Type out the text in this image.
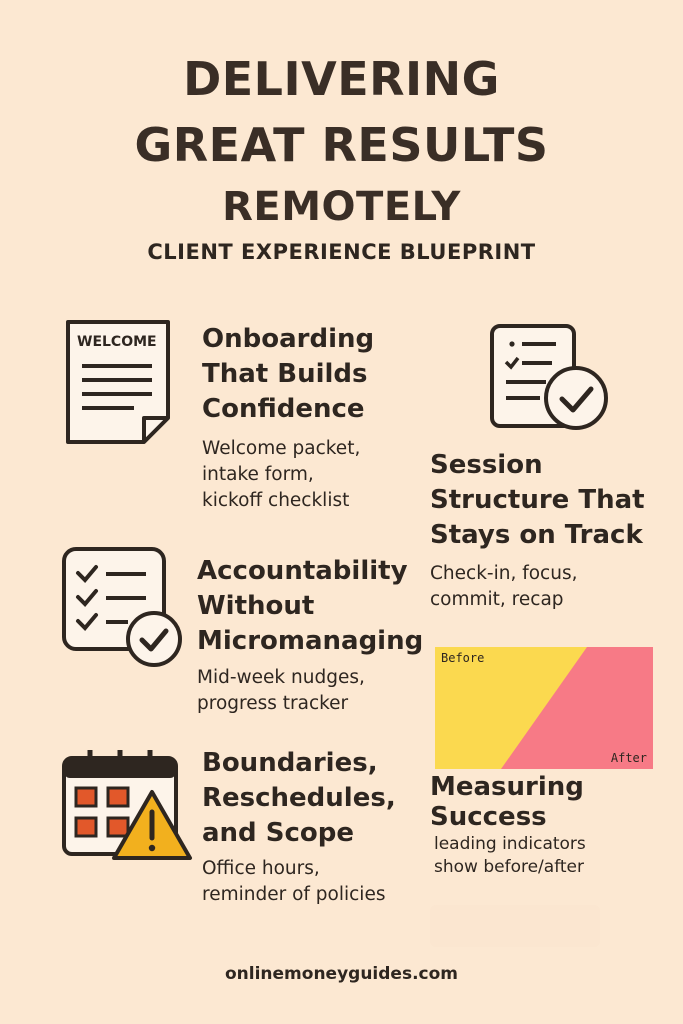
DELIVERING
GREAT RESULTS
REMOTELY
CLIENT EXPERIENCE BLUEPRINT
WELCOME Onboarding
That Builds
Confidence
Welcome packet,
intake form,
kickoff checklist
Session
Structure That
Stays on Track
Check-in, focus,
commit, recap
Accountability
Without
Micromanaging
Mid-week nudges,
progress tracker
Boundaries,
Reschedules,
and Scope
Office hours,
reminder of policies
Before
After
Measuring
Success
leading indicators
show before/after
onlinemoneyguides.com
